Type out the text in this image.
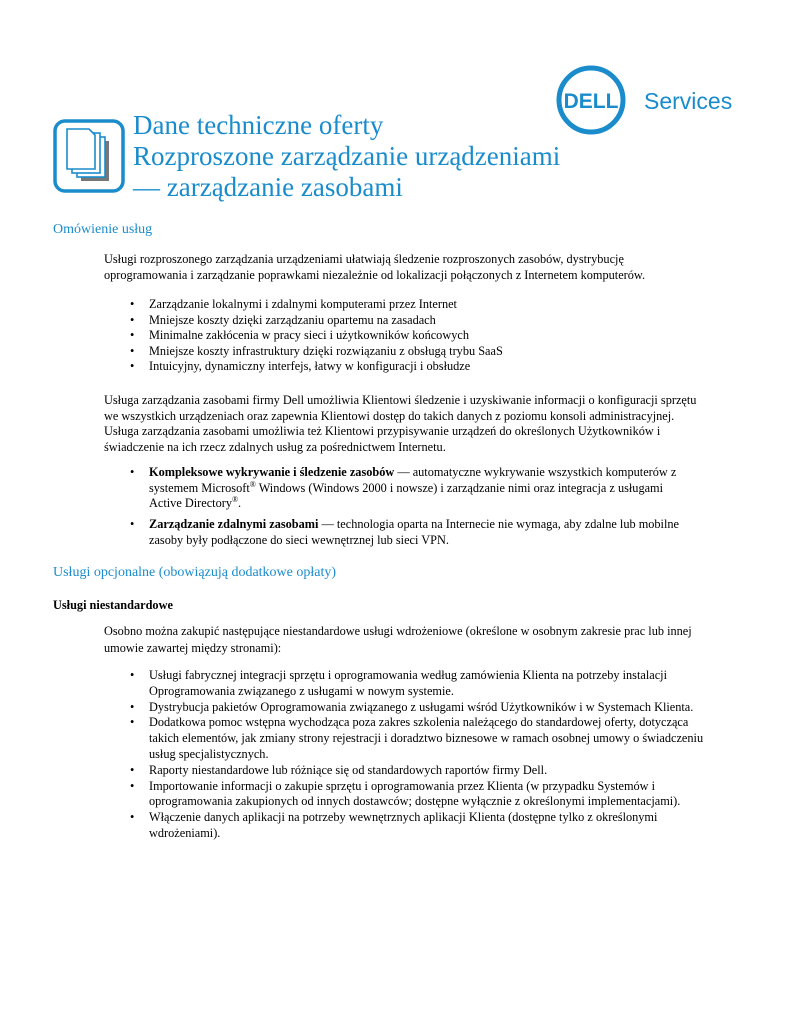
DELL Services
Dane techniczne oferty
Rozproszone zarządzanie urządzeniami
— zarządzanie zasobami
Omówienie usług
Usługi rozproszonego zarządzania urządzeniami ułatwiają śledzenie rozproszonych zasobów, dystrybucję oprogramowania i zarządzanie poprawkami niezależnie od lokalizacji połączonych z Internetem komputerów.
• Zarządzanie lokalnymi i zdalnymi komputerami przez Internet
• Mniejsze koszty dzięki zarządzaniu opartemu na zasadach
• Minimalne zakłócenia w pracy sieci i użytkowników końcowych
• Mniejsze koszty infrastruktury dzięki rozwiązaniu z obsługą trybu SaaS
• Intuicyjny, dynamiczny interfejs, łatwy w konfiguracji i obsłudze
Usługa zarządzania zasobami firmy Dell umożliwia Klientowi śledzenie i uzyskiwanie informacji o konfiguracji sprzętu we wszystkich urządzeniach oraz zapewnia Klientowi dostęp do takich danych z poziomu konsoli administracyjnej. Usługa zarządzania zasobami umożliwia też Klientowi przypisywanie urządzeń do określonych Użytkowników i świadczenie na ich rzecz zdalnych usług za pośrednictwem Internetu.
• Kompleksowe wykrywanie i śledzenie zasobów — automatyczne wykrywanie wszystkich komputerów z systemem Microsoft® Windows (Windows 2000 i nowsze) i zarządzanie nimi oraz integracja z usługami Active Directory®.
• Zarządzanie zdalnymi zasobami — technologia oparta na Internecie nie wymaga, aby zdalne lub mobilne zasoby były podłączone do sieci wewnętrznej lub sieci VPN.
Usługi opcjonalne (obowiązują dodatkowe opłaty)
Usługi niestandardowe
Osobno można zakupić następujące niestandardowe usługi wdrożeniowe (określone w osobnym zakresie prac lub innej umowie zawartej między stronami):
• Usługi fabrycznej integracji sprzętu i oprogramowania według zamówienia Klienta na potrzeby instalacji Oprogramowania związanego z usługami w nowym systemie.
• Dystrybucja pakietów Oprogramowania związanego z usługami wśród Użytkowników i w Systemach Klienta.
• Dodatkowa pomoc wstępna wychodząca poza zakres szkolenia należącego do standardowej oferty, dotycząca takich elementów, jak zmiany strony rejestracji i doradztwo biznesowe w ramach osobnej umowy o świadczeniu usług specjalistycznych.
• Raporty niestandardowe lub różniące się od standardowych raportów firmy Dell.
• Importowanie informacji o zakupie sprzętu i oprogramowania przez Klienta (w przypadku Systemów i oprogramowania zakupionych od innych dostawców; dostępne wyłącznie z określonymi implementacjami).
• Włączenie danych aplikacji na potrzeby wewnętrznych aplikacji Klienta (dostępne tylko z określonymi wdrożeniami).
